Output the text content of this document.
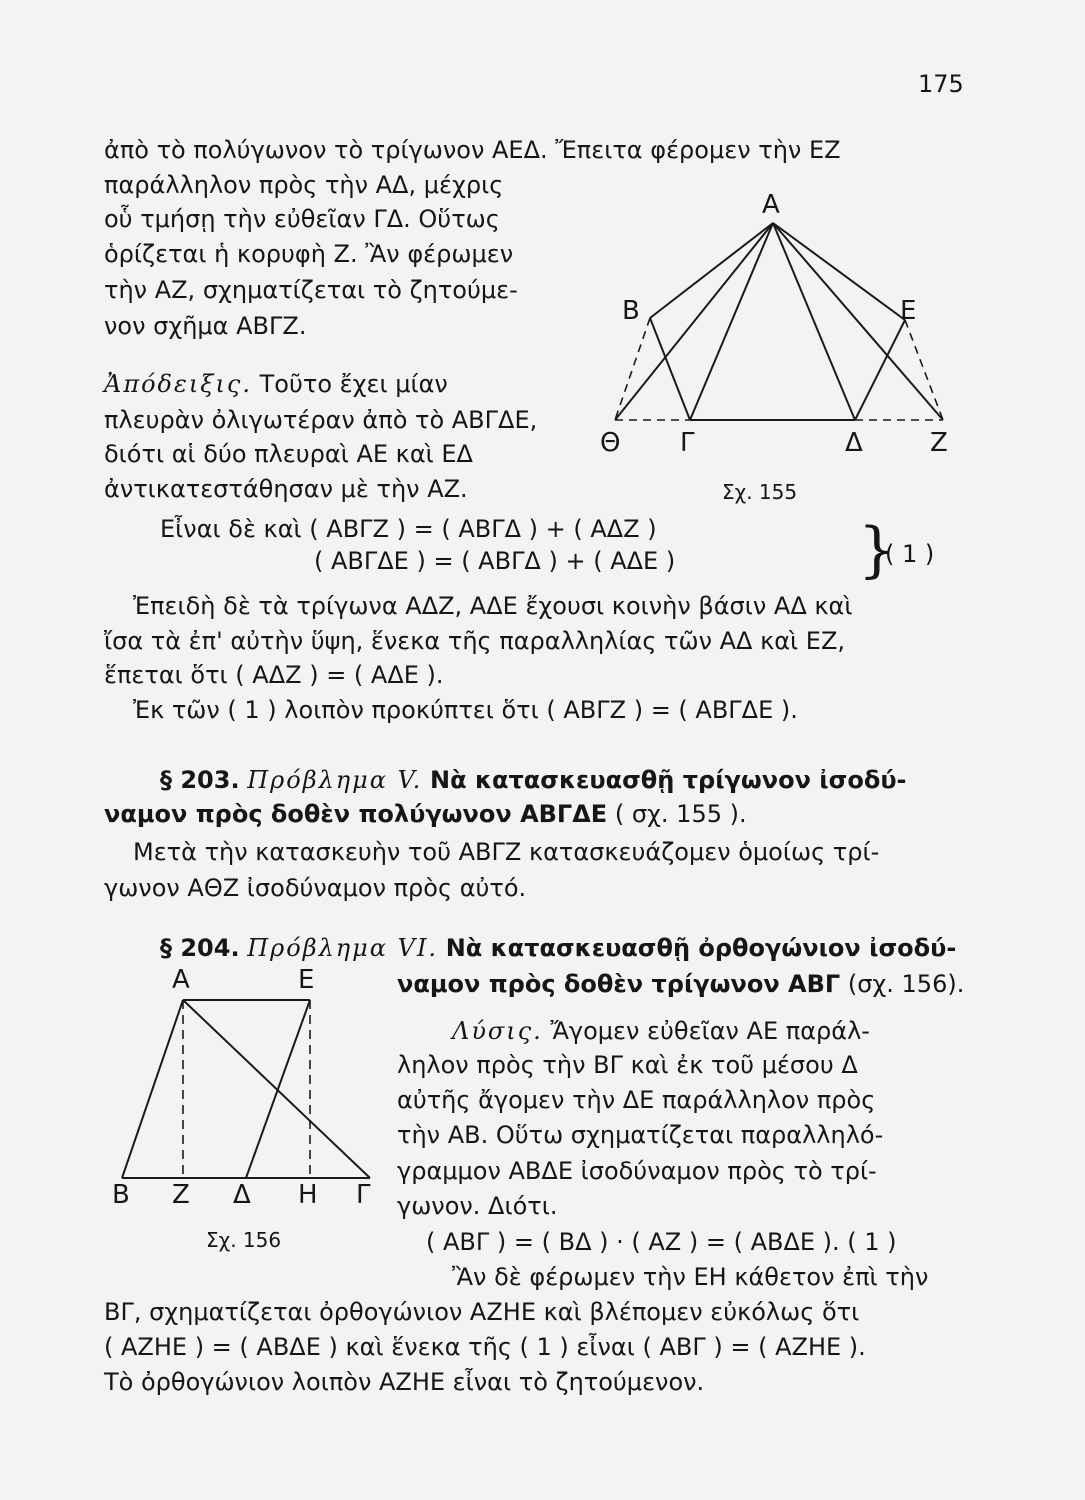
175
ἀπὸ τὸ πολύγωνον τὸ τρίγωνον ΑΕΔ. Ἔπειτα φέρομεν τὴν ΕΖ
παράλληλον πρὸς τὴν ΑΔ, μέχρις
οὗ τμήσῃ τὴν εὐθεῖαν ΓΔ. Οὕτως
ὁρίζεται ἡ κορυφὴ Ζ. Ἂν φέρωμεν
τὴν ΑΖ, σχηματίζεται τὸ ζητούμε-
νον σχῆμα ΑΒΓΖ.
Ἀπόδειξις. Τοῦτο ἔχει μίαν
πλευρὰν ὀλιγωτέραν ἀπὸ τὸ ΑΒΓΔΕ,
διότι αἱ δύο πλευραὶ ΑΕ καὶ ΕΔ
ἀντικατεστάθησαν μὲ τὴν ΑΖ.
Α
Β	Ε
Θ Γ	Δ	Ζ
Σχ. 155
Εἶναι δὲ καὶ ( ΑΒΓΖ ) = ( ΑΒΓΔ ) + ( ΑΔΖ )
( ΑΒΓΔΕ ) = ( ΑΒΓΔ ) + ( ΑΔΕ )	}
( 1 )
Ἐπειδὴ δὲ τὰ τρίγωνα ΑΔΖ, ΑΔΕ ἔχουσι κοινὴν βάσιν ΑΔ καὶ
ἴσα τὰ ἐπ' αὐτὴν ὕψη, ἕνεκα τῆς παραλληλίας τῶν ΑΔ καὶ ΕΖ,
ἕπεται ὅτι ( ΑΔΖ ) = ( ΑΔΕ ).
Ἐκ τῶν ( 1 ) λοιπὸν προκύπτει ὅτι ( ΑΒΓΖ ) = ( ΑΒΓΔΕ ).
§ 203. Πρόβλημα V. Νὰ κατασκευασθῇ τρίγωνον ἰσοδύ-
ναμον πρὸς δοθὲν πολύγωνον ΑΒΓΔΕ ( σχ. 155 ).
Μετὰ τὴν κατασκευὴν τοῦ ΑΒΓΖ κατασκευάζομεν ὁμοίως τρί-
γωνον ΑΘΖ ἰσοδύναμον πρὸς αὐτό.
§ 204. Πρόβλημα VI. Νὰ κατασκευασθῇ ὀρθογώνιον ἰσοδύ-
ναμον πρὸς δοθὲν τρίγωνον ΑΒΓ (σχ. 156).
Λύσις. Ἄγομεν εὐθεῖαν ΑΕ παράλ-
ληλον πρὸς τὴν ΒΓ καὶ ἐκ τοῦ μέσου Δ
αὐτῆς ἄγομεν τὴν ΔΕ παράλληλον πρὸς
τὴν ΑΒ. Οὕτω σχηματίζεται παραλληλό-
γραμμον ΑΒΔΕ ἰσοδύναμον πρὸς τὸ τρί-
γωνον. Διότι.
Α	Ε
Β Ζ Δ Η Γ
Σχ. 156	( ΑΒΓ ) = ( ΒΔ ) · ( ΑΖ ) = ( ΑΒΔΕ ). ( 1 )
Ἂν δὲ φέρωμεν τὴν ΕΗ κάθετον ἐπὶ τὴν
ΒΓ, σχηματίζεται ὀρθογώνιον ΑΖΗΕ καὶ βλέπομεν εὐκόλως ὅτι
( ΑΖΗΕ ) = ( ΑΒΔΕ ) καὶ ἕνεκα τῆς ( 1 ) εἶναι ( ΑΒΓ ) = ( ΑΖΗΕ ).
Τὸ ὀρθογώνιον λοιπὸν ΑΖΗΕ εἶναι τὸ ζητούμενον.
